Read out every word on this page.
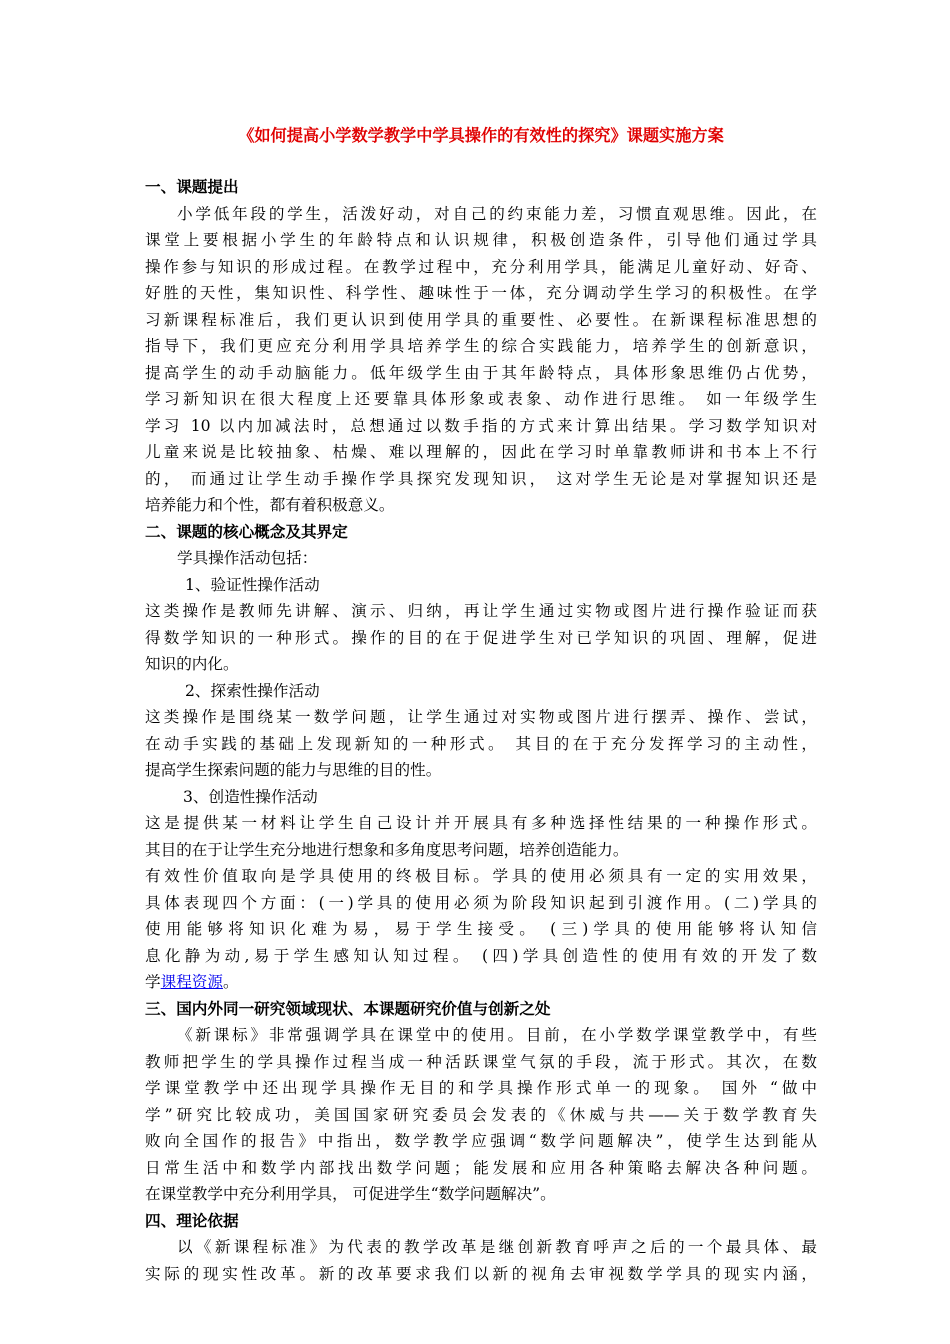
《如何提高小学数学教学中学具操作的有效性的探究》课题实施方案
一、课题提出
小学低年段的学生，活泼好动，对自己的约束能力差，习惯直观思维。因此，在
课堂上要根据小学生的年龄特点和认识规律，积极创造条件，引导他们通过学具
操作参与知识的形成过程。在教学过程中，充分利用学具，能满足儿童好动、好奇、
好胜的天性，集知识性、科学性、趣味性于一体，充分调动学生学习的积极性。在学
习新课程标准后，我们更认识到使用学具的重要性、必要性。在新课程标准思想的
指导下，我们更应充分利用学具培养学生的综合实践能力，培养学生的创新意识，
提高学生的动手动脑能力。低年级学生由于其年龄特点，具体形象思维仍占优势，
学习新知识在很大程度上还要靠具体形象或表象、动作进行思维。 如一年级学生
学习 10 以内加减法时，总想通过以数手指的方式来计算出结果。学习数学知识对
儿童来说是比较抽象、枯燥、难以理解的，因此在学习时单靠教师讲和书本上不行
的， 而通过让学生动手操作学具探究发现知识， 这对学生无论是对掌握知识还是
培养能力和个性，都有着积极意义。
二、课题的核心概念及其界定
学具操作活动包括：
1、验证性操作活动
这类操作是教师先讲解、演示、归纳，再让学生通过实物或图片进行操作验证而获
得数学知识的一种形式。操作的目的在于促进学生对已学知识的巩固、理解，促进
知识的内化。
2、探索性操作活动
这类操作是围绕某一数学问题，让学生通过对实物或图片进行摆弄、操作、尝试，
在动手实践的基础上发现新知的一种形式。 其目的在于充分发挥学习的主动性，
提高学生探索问题的能力与思维的目的性。
3、创造性操作活动
这是提供某一材料让学生自己设计并开展具有多种选择性结果的一种操作形式。
其目的在于让学生充分地进行想象和多角度思考问题，培养创造能力。
有效性价值取向是学具使用的终极目标。学具的使用必须具有一定的实用效果，
具体表现四个方面：(一)学具的使用必须为阶段知识起到引渡作用。(二)学具的
使用能够将知识化难为易，易于学生接受。 (三)学具的使用能够将认知信
息化静为动,易于学生感知认知过程。 (四)学具创造性的使用有效的开发了数
学课程资源。
三、国内外同一研究领域现状、本课题研究价值与创新之处
《新课标》非常强调学具在课堂中的使用。目前，在小学数学课堂教学中，有些
教师把学生的学具操作过程当成一种活跃课堂气氛的手段，流于形式。其次，在数
学课堂教学中还出现学具操作无目的和学具操作形式单一的现象。 国外 “做中
学”研究比较成功，美国国家研究委员会发表的《休威与共——关于数学教育失
败向全国作的报告》中指出，数学教学应强调“数学问题解决”，使学生达到能从
日常生活中和数学内部找出数学问题；能发展和应用各种策略去解决各种问题。
在课堂教学中充分利用学具， 可促进学生“数学问题解决”。
四、理论依据
以《新课程标准》为代表的教学改革是继创新教育呼声之后的一个最具体、最
实际的现实性改革。新的改革要求我们以新的视角去审视数学学具的现实内涵，
